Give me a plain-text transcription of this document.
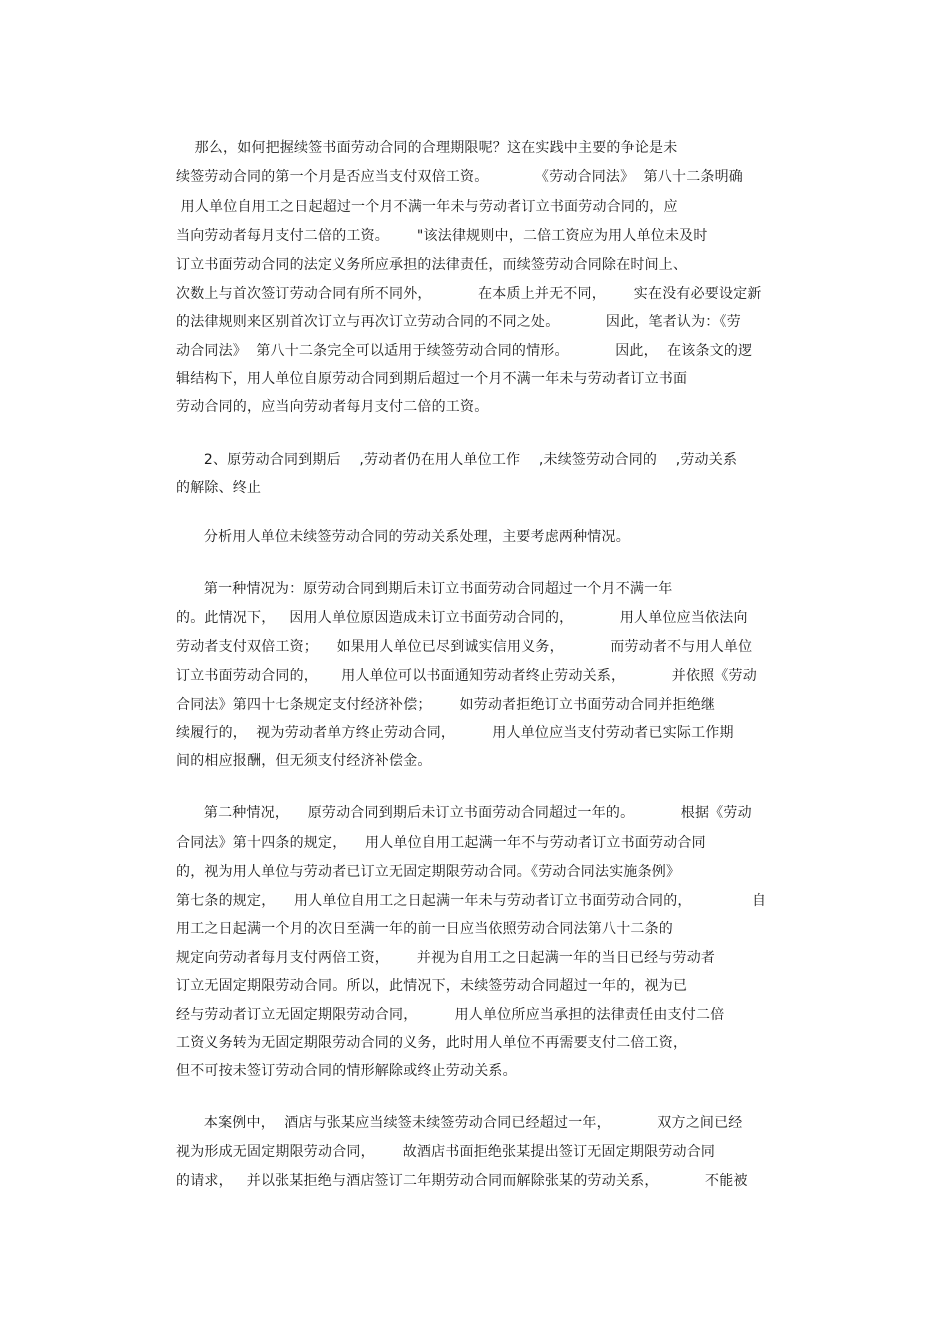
那么，如何把握续签书面劳动合同的合理期限呢？这在实践中主要的争论是未
续签劳动合同的第一个月是否应当支付双倍工资。          《劳动合同法》  第八十二条明确
用人单位自用工之日起超过一个月不满一年未与劳动者订立书面劳动合同的，应
当向劳动者每月支付二倍的工资。      "该法律规则中，二倍工资应为用人单位未及时
订立书面劳动合同的法定义务所应承担的法律责任，而续签劳动合同除在时间上、
次数上与首次签订劳动合同有所不同外，          在本质上并无不同，      实在没有必要设定新
的法律规则来区别首次订立与再次订立劳动合同的不同之处。          因此，笔者认为：《劳
动合同法》  第八十二条完全可以适用于续签劳动合同的情形。          因此，  在该条文的逻
辑结构下，用人单位自原劳动合同到期后超过一个月不满一年未与劳动者订立书面
劳动合同的，应当向劳动者每月支付二倍的工资。
2、原劳动合同到期后    ,劳动者仍在用人单位工作    ,未续签劳动合同的    ,劳动关系
的解除、终止
分析用人单位未续签劳动合同的劳动关系处理，主要考虑两种情况。
第一种情况为：原劳动合同到期后未订立书面劳动合同超过一个月不满一年
的。此情况下，   因用人单位原因造成未订立书面劳动合同的，          用人单位应当依法向
劳动者支付双倍工资；    如果用人单位已尽到诚实信用义务，          而劳动者不与用人单位
订立书面劳动合同的，     用人单位可以书面通知劳动者终止劳动关系，          并依照《劳动
合同法》第四十七条规定支付经济补偿；      如劳动者拒绝订立书面劳动合同并拒绝继
续履行的，  视为劳动者单方终止劳动合同，        用人单位应当支付劳动者已实际工作期
间的相应报酬，但无须支付经济补偿金。
第二种情况，    原劳动合同到期后未订立书面劳动合同超过一年的。          根据《劳动
合同法》第十四条的规定，    用人单位自用工起满一年不与劳动者订立书面劳动合同
的，视为用人单位与劳动者已订立无固定期限劳动合同。《劳动合同法实施条例》
第七条的规定，    用人单位自用工之日起满一年未与劳动者订立书面劳动合同的，             自
用工之日起满一个月的次日至满一年的前一日应当依照劳动合同法第八十二条的
规定向劳动者每月支付两倍工资，      并视为自用工之日起满一年的当日已经与劳动者
订立无固定期限劳动合同。所以，此情况下，未续签劳动合同超过一年的，视为已
经与劳动者订立无固定期限劳动合同，        用人单位所应当承担的法律责任由支付二倍
工资义务转为无固定期限劳动合同的义务，此时用人单位不再需要支付二倍工资，
但不可按未签订劳动合同的情形解除或终止劳动关系。
本案例中，  酒店与张某应当续签未续签劳动合同已经超过一年，          双方之间已经
视为形成无固定期限劳动合同，      故酒店书面拒绝张某提出签订无固定期限劳动合同
的请求，   并以张某拒绝与酒店签订二年期劳动合同而解除张某的劳动关系，          不能被
